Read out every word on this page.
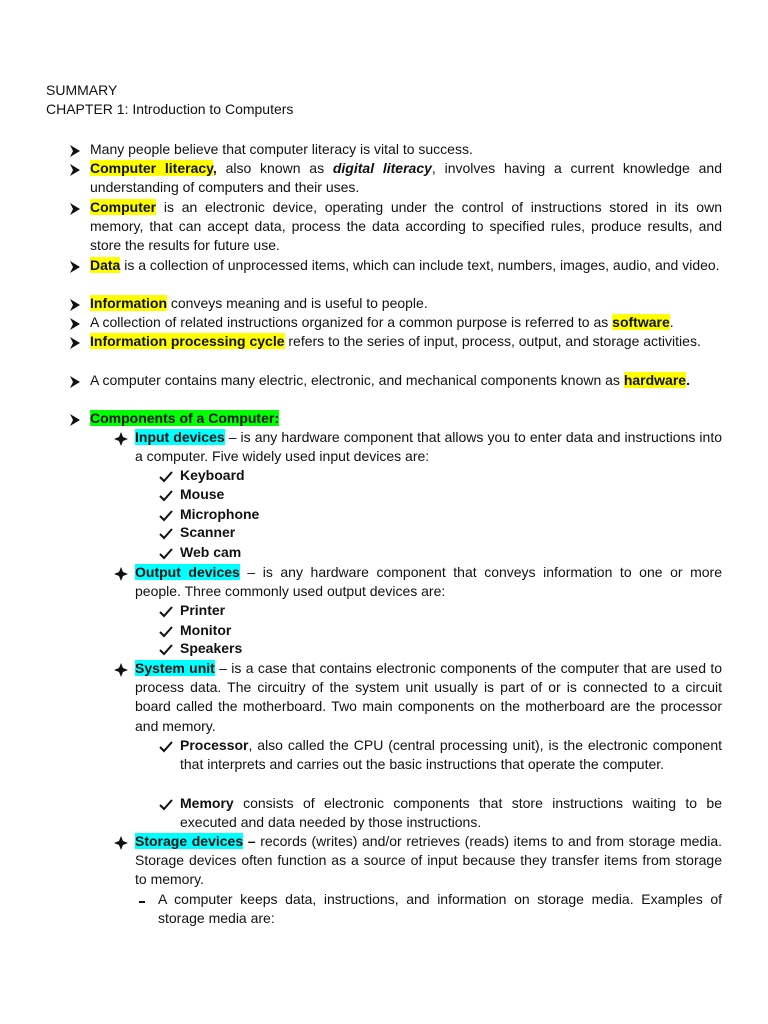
SUMMARY
CHAPTER 1: Introduction to Computers
Many people believe that computer literacy is vital to success.
Computer literacy, also known as digital literacy, involves having a current knowledge and understanding of computers and their uses.
Computer is an electronic device, operating under the control of instructions stored in its own memory, that can accept data, process the data according to specified rules, produce results, and store the results for future use.
Data is a collection of unprocessed items, which can include text, numbers, images, audio, and video.
Information conveys meaning and is useful to people.
A collection of related instructions organized for a common purpose is referred to as software.
Information processing cycle refers to the series of input, process, output, and storage activities.
A computer contains many electric, electronic, and mechanical components known as hardware.
Components of a Computer:
Input devices – is any hardware component that allows you to enter data and instructions into a computer. Five widely used input devices are:
Keyboard
Mouse
Microphone
Scanner
Web cam
Output devices – is any hardware component that conveys information to one or more people. Three commonly used output devices are:
Printer
Monitor
Speakers
System unit – is a case that contains electronic components of the computer that are used to process data. The circuitry of the system unit usually is part of or is connected to a circuit board called the motherboard. Two main components on the motherboard are the processor and memory.
Processor, also called the CPU (central processing unit), is the electronic component that interprets and carries out the basic instructions that operate the computer.
Memory consists of electronic components that store instructions waiting to be executed and data needed by those instructions.
Storage devices – records (writes) and/or retrieves (reads) items to and from storage media. Storage devices often function as a source of input because they transfer items from storage to memory.
A computer keeps data, instructions, and information on storage media. Examples of storage media are:
